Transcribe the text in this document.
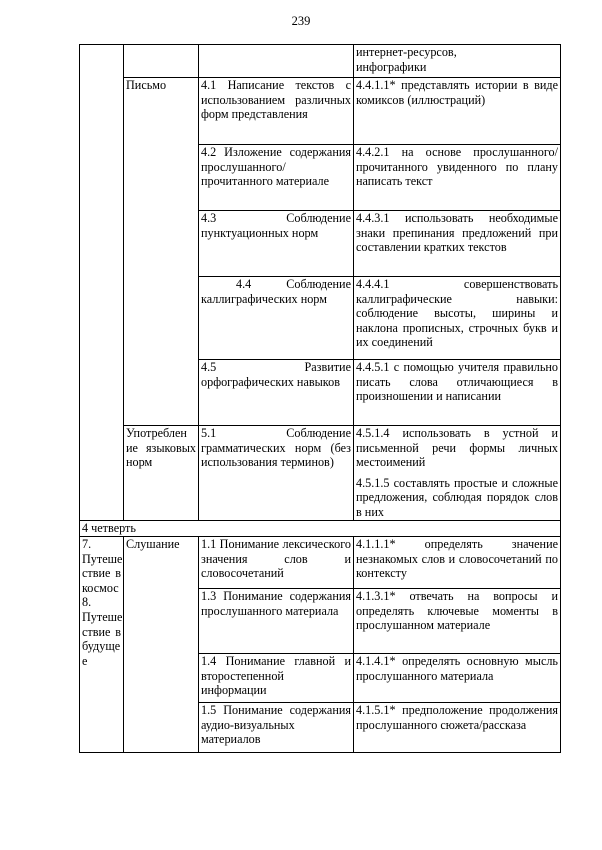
239
			интернет-ресурсов,
инфографики
	Письмо	4.1 Написание текстов с использованием различных форм представления	4.4.1.1* представлять истории в виде комиксов (иллюстраций)
		4.2 Изложение содержания прослушанного/прочитанного материале	4.4.2.1 на основе прослушанного/ прочитанного увиденного по плану написать текст
		4.3 Соблюдение пунктуационных норм	4.4.3.1 использовать необходимые знаки препинания предложений при составлении кратких текстов
		4.4 Соблюдение каллиграфических норм	4.4.4.1 совершенствовать каллиграфические навыки: соблюдение высоты, ширины и наклона прописных, строчных букв и их соединений
		4.5 Развитие орфографических навыков	4.4.5.1 с помощью учителя правильно писать слова отличающиеся в произношении и написании
	Употреблен ие языковых норм	5.1 Соблюдение грамматических норм (без использования терминов)	4.5.1.4 использовать в устной и письменной речи формы личных местоимений
			4.5.1.5 составлять простые и сложные предложения, соблюдая порядок слов в них
4 четверть			

7. Путеше ствие в космос 8. Путеше ствие в будуще е	Слушание	1.1 Понимание лексического значения слов и словосочетаний	4.1.1.1* определять значение незнакомых слов и словосочетаний по контексту
		1.3 Понимание содержания прослушанного материала	4.1.3.1* отвечать на вопросы и определять ключевые моменты в прослушанном материале
		1.4 Понимание главной и второстепенной информации	4.1.4.1* определять основную мысль прослушанного материала
		1.5 Понимание содержания аудио-визуальных материалов	4.1.5.1* предположение продолжения прослушанного сюжета/рассказа
